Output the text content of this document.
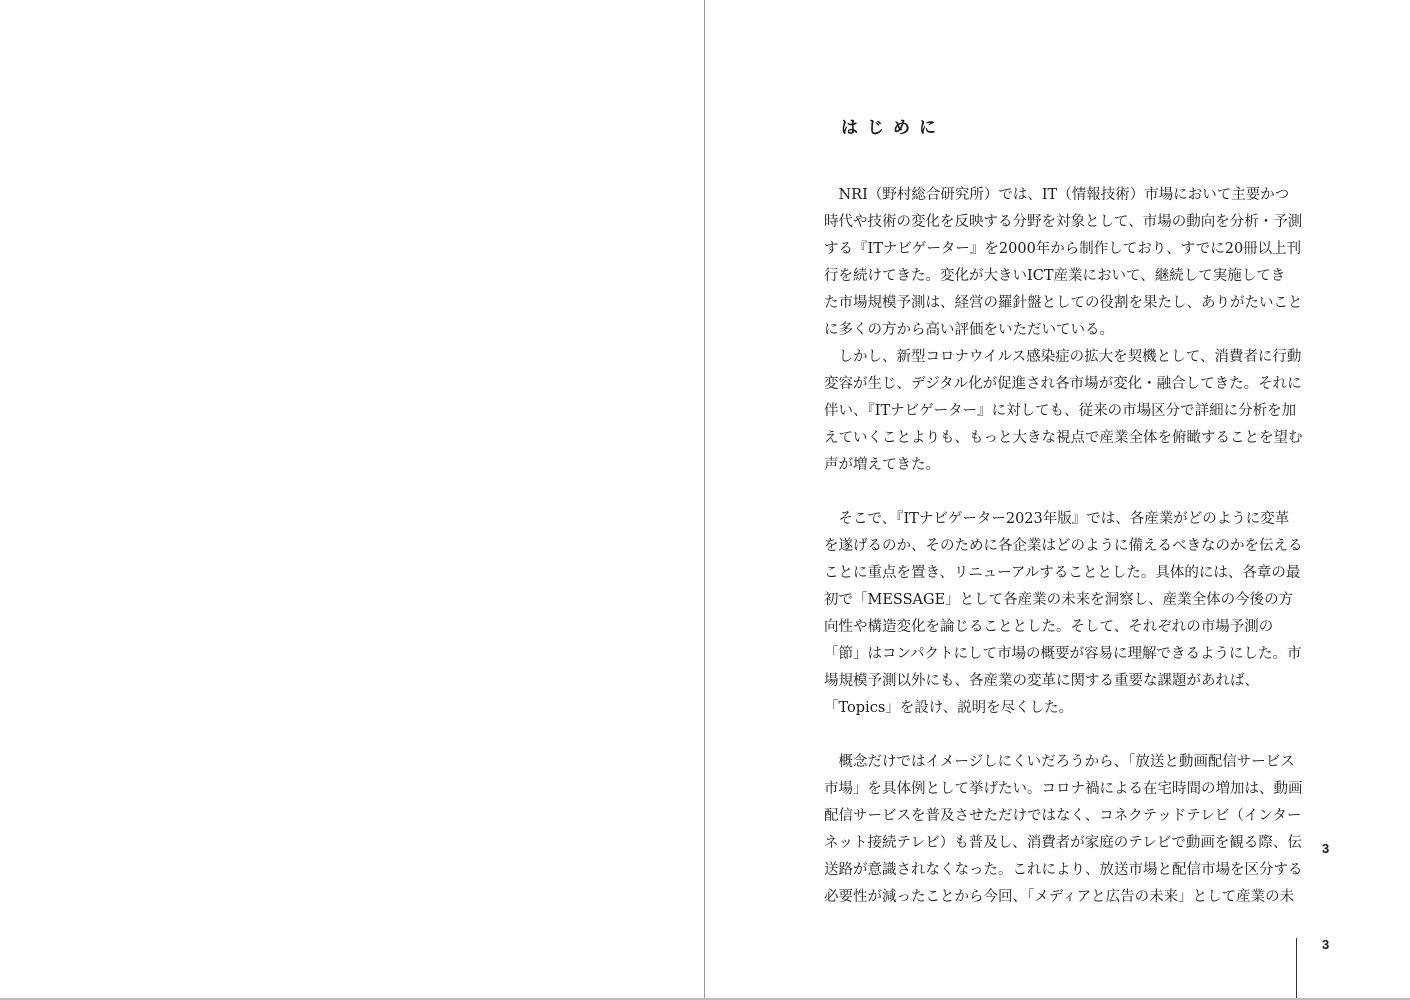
はじめに
　NRI（野村総合研究所）では、IT（情報技術）市場において主要かつ
時代や技術の変化を反映する分野を対象として、市場の動向を分析・予測
する『ITナビゲーター』を2000年から制作しており、すでに20冊以上刊
行を続けてきた。変化が大きいICT産業において、継続して実施してき
た市場規模予測は、経営の羅針盤としての役割を果たし、ありがたいこと
に多くの方から高い評価をいただいている。
　しかし、新型コロナウイルス感染症の拡大を契機として、消費者に行動
変容が生じ、デジタル化が促進され各市場が変化・融合してきた。それに
伴い、『ITナビゲーター』に対しても、従来の市場区分で詳細に分析を加
えていくことよりも、もっと大きな視点で産業全体を俯瞰することを望む
声が増えてきた。
　そこで、『ITナビゲーター2023年版』では、各産業がどのように変革
を遂げるのか、そのために各企業はどのように備えるべきなのかを伝える
ことに重点を置き、リニューアルすることとした。具体的には、各章の最
初で「MESSAGE」として各産業の未来を洞察し、産業全体の今後の方
向性や構造変化を論じることとした。そして、それぞれの市場予測の
「節」はコンパクトにして市場の概要が容易に理解できるようにした。市
場規模予測以外にも、各産業の変革に関する重要な課題があれば、
「Topics」を設け、説明を尽くした。
　概念だけではイメージしにくいだろうから、「放送と動画配信サービス
市場」を具体例として挙げたい。コロナ禍による在宅時間の増加は、動画
配信サービスを普及させただけではなく、コネクテッドテレビ（インター
ネット接続テレビ）も普及し、消費者が家庭のテレビで動画を観る際、伝
送路が意識されなくなった。これにより、放送市場と配信市場を区分する
必要性が減ったことから今回、「メディアと広告の未来」として産業の未
3
3
